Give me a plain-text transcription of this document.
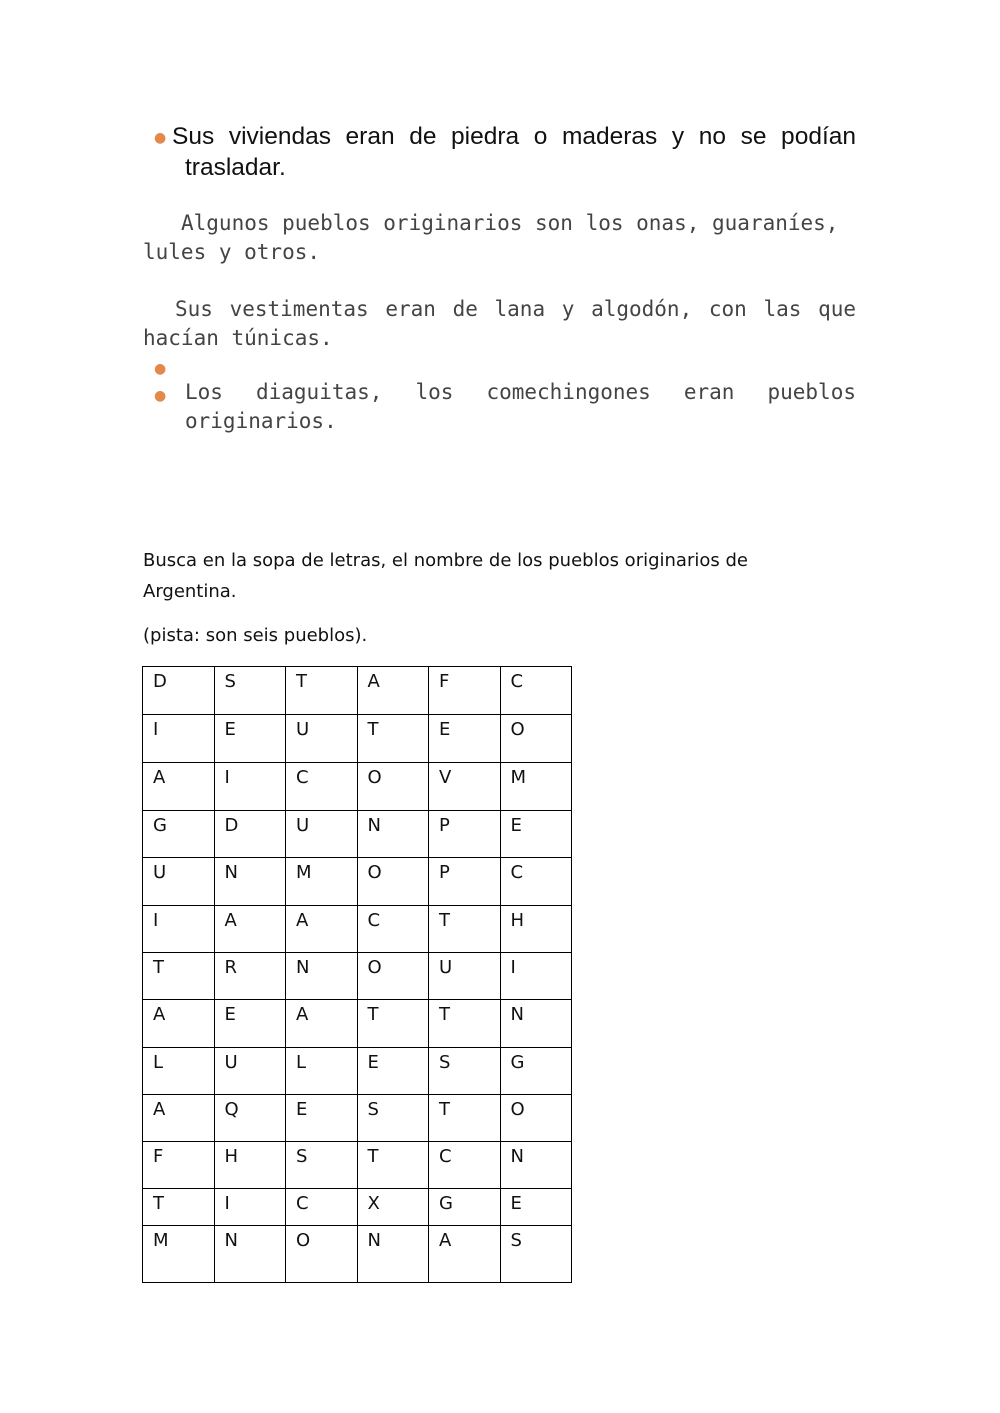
● Sus viviendas eran de piedra o maderas y no se podían
trasladar.
Algunos pueblos originarios son los onas, guaraníes, lules y otros.
Sus vestimentas eran de lana y algodón, con las que hacían túnicas.
●
● Los diaguitas, los comechingones eran pueblos originarios.
Busca en la sopa de letras, el nombre de los pueblos originarios de Argentina.
(pista: son seis pueblos).
D	S	T	A	F	C
I	E	U	T	E	O
A	I	C	O	V	M
G	D	U	N	P	E
U	N	M	O	P	C
I	A	A	C	T	H
T	R	N	O	U	I
A	E	A	T	T	N
L	U	L	E	S	G
A	Q	E	S	T	O
F	H	S	T	C	N
T	I	C	X	G	E
M	N	O	N	A	S
